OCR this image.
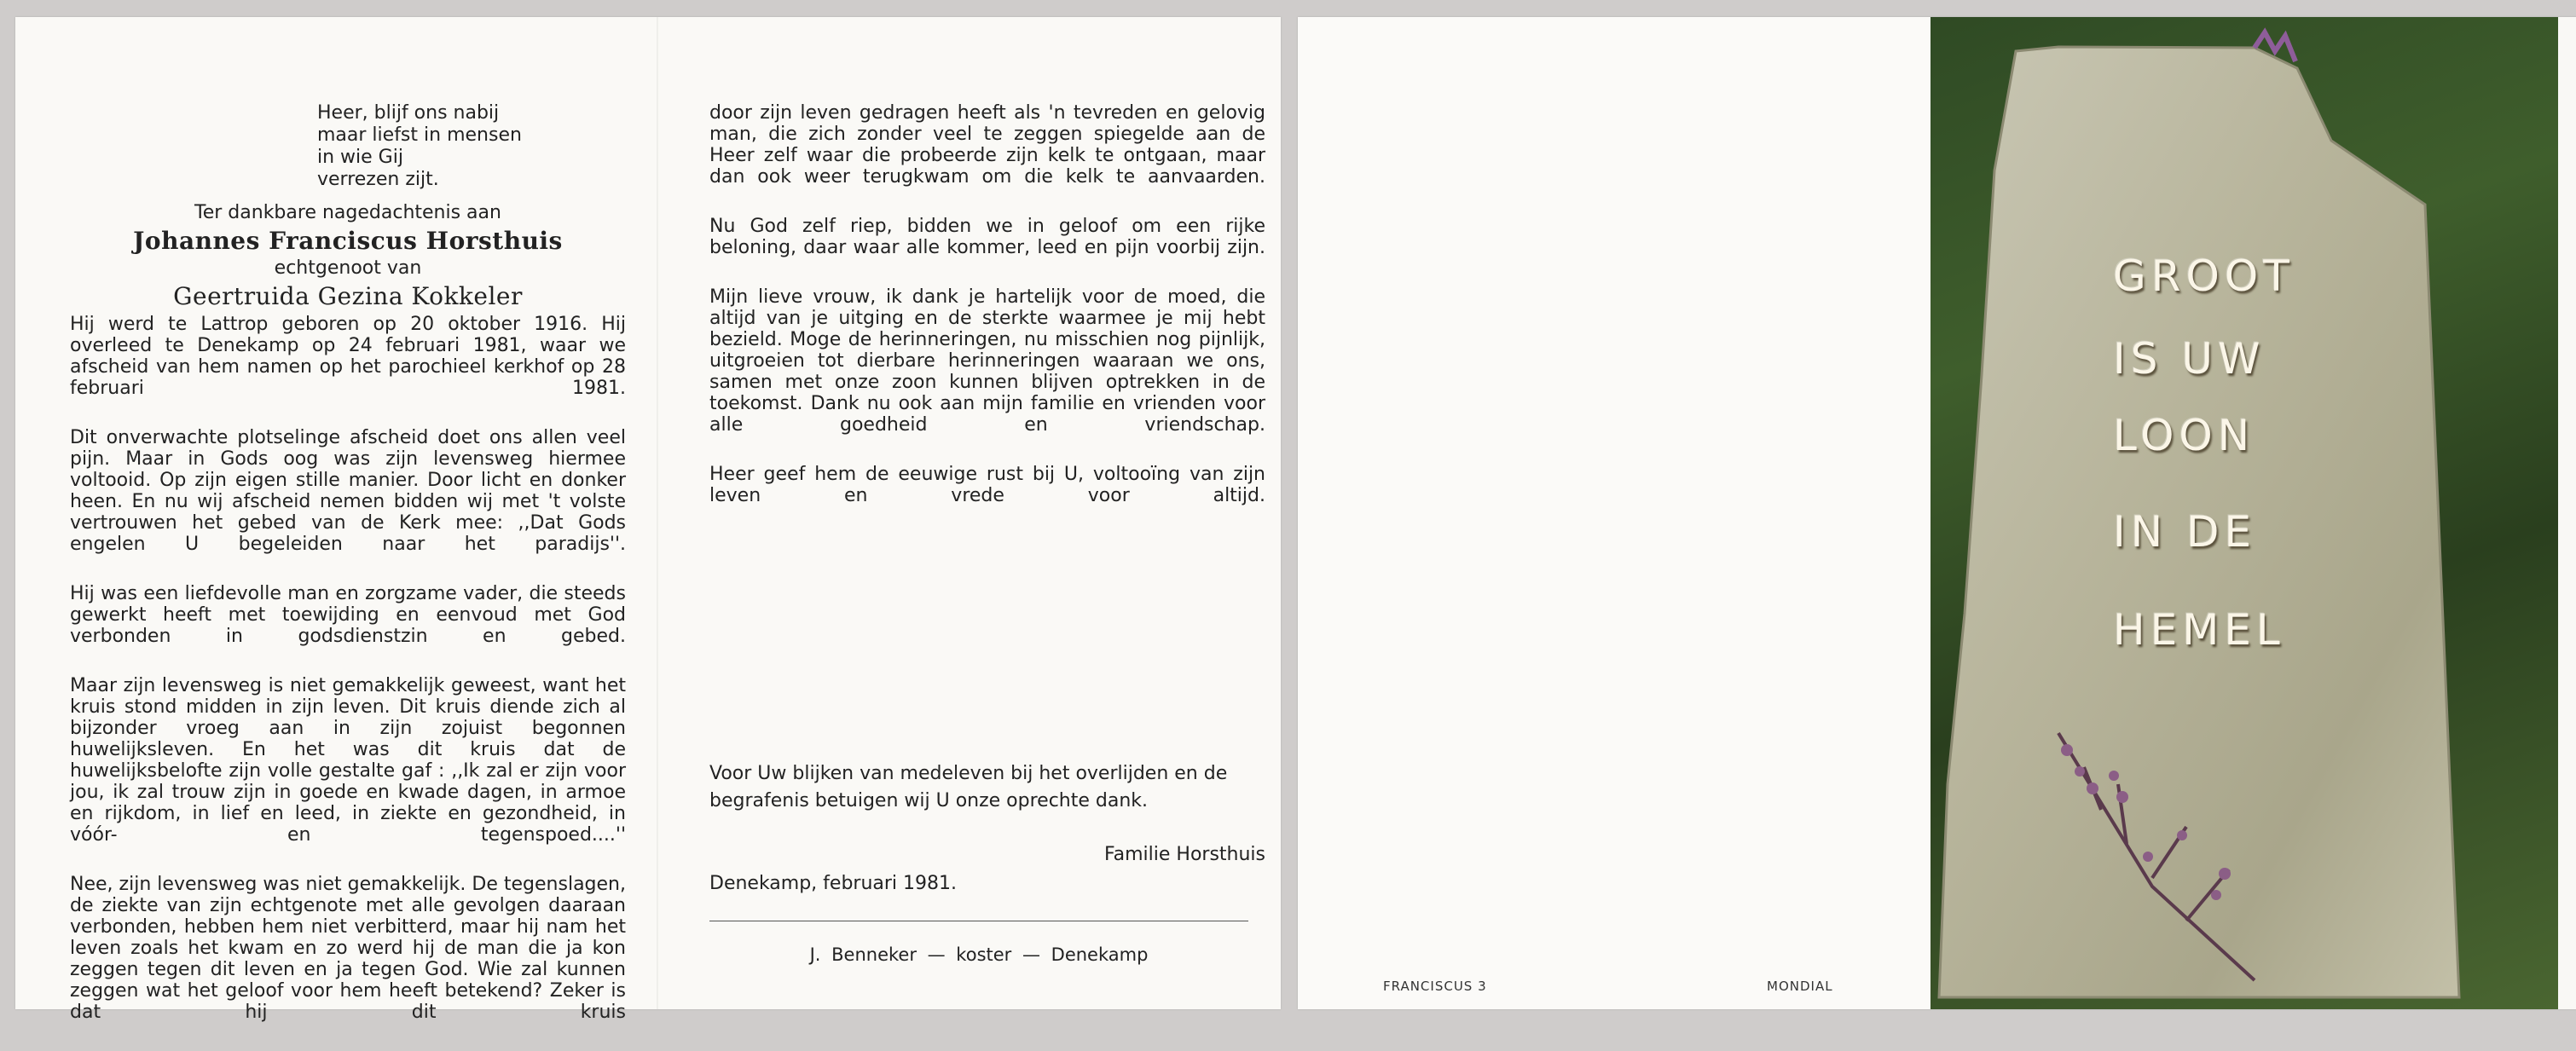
Heer, blijf ons nabij
maar liefst in mensen
in wie Gij
verrezen zijt.
Ter dankbare nagedachtenis aan
Johannes Franciscus Horsthuis
echtgenoot van
Geertruida Gezina Kokkeler

Hij werd te Lattrop geboren op 20 oktober 1916. Hij overleed te Denekamp op 24 februari 1981, waar we afscheid van hem namen op het parochieel kerkhof op 28 februari 1981.

Dit onverwachte plotselinge afscheid doet ons allen veel pijn. Maar in Gods oog was zijn levensweg hiermee voltooid. Op zijn eigen stille manier. Door licht en donker heen. En nu wij afscheid nemen bidden wij met 't volste vertrouwen het gebed van de Kerk mee: ,,Dat Gods engelen U begeleiden naar het paradijs''.

Hij was een liefdevolle man en zorgzame vader, die steeds gewerkt heeft met toewijding en eenvoud met God verbonden in godsdienstzin en gebed.

Maar zijn levensweg is niet gemakkelijk geweest, want het kruis stond midden in zijn leven. Dit kruis diende zich al bijzonder vroeg aan in zijn zojuist begonnen huwelijksleven. En het was dit kruis dat de huwelijksbelofte zijn volle gestalte gaf : ,,Ik zal er zijn voor jou, ik zal trouw zijn in goede en kwade dagen, in armoe en rijkdom, in lief en leed, in ziekte en gezondheid, in vóór- en tegenspoed....''

Nee, zijn levensweg was niet gemakkelijk. De tegenslagen, de ziekte van zijn echtgenote met alle gevolgen daaraan verbonden, hebben hem niet verbitterd, maar hij nam het leven zoals het kwam en zo werd hij de man die ja kon zeggen tegen dit leven en ja tegen God. Wie zal kunnen zeggen wat het geloof voor hem heeft betekend? Zeker is dat hij dit kruis

door zijn leven gedragen heeft als 'n tevreden en gelovig man, die zich zonder veel te zeggen spiegelde aan de Heer zelf waar die probeerde zijn kelk te ontgaan, maar dan ook weer terugkwam om die kelk te aanvaarden.

Nu God zelf riep, bidden we in geloof om een rijke beloning, daar waar alle kommer, leed en pijn voorbij zijn.

Mijn lieve vrouw, ik dank je hartelijk voor de moed, die altijd van je uitging en de sterkte waarmee je mij hebt bezield. Moge de herinneringen, nu misschien nog pijnlijk, uitgroeien tot dierbare herinneringen waaraan we ons, samen met onze zoon kunnen blijven optrekken in de toekomst. Dank nu ook aan mijn familie en vrienden voor alle goedheid en vriendschap.

Heer geef hem de eeuwige rust bij U, voltooïng van zijn leven en vrede voor altijd.

Voor Uw blijken van medeleven bij het overlijden en de begrafenis betuigen wij U onze oprechte dank.
Familie Horsthuis
Denekamp, februari 1981.
J. Benneker — koster — Denekamp
FRANCISCUS 3	MONDIAL
GROOT
IS UW
LOON
IN DE
HEMEL
